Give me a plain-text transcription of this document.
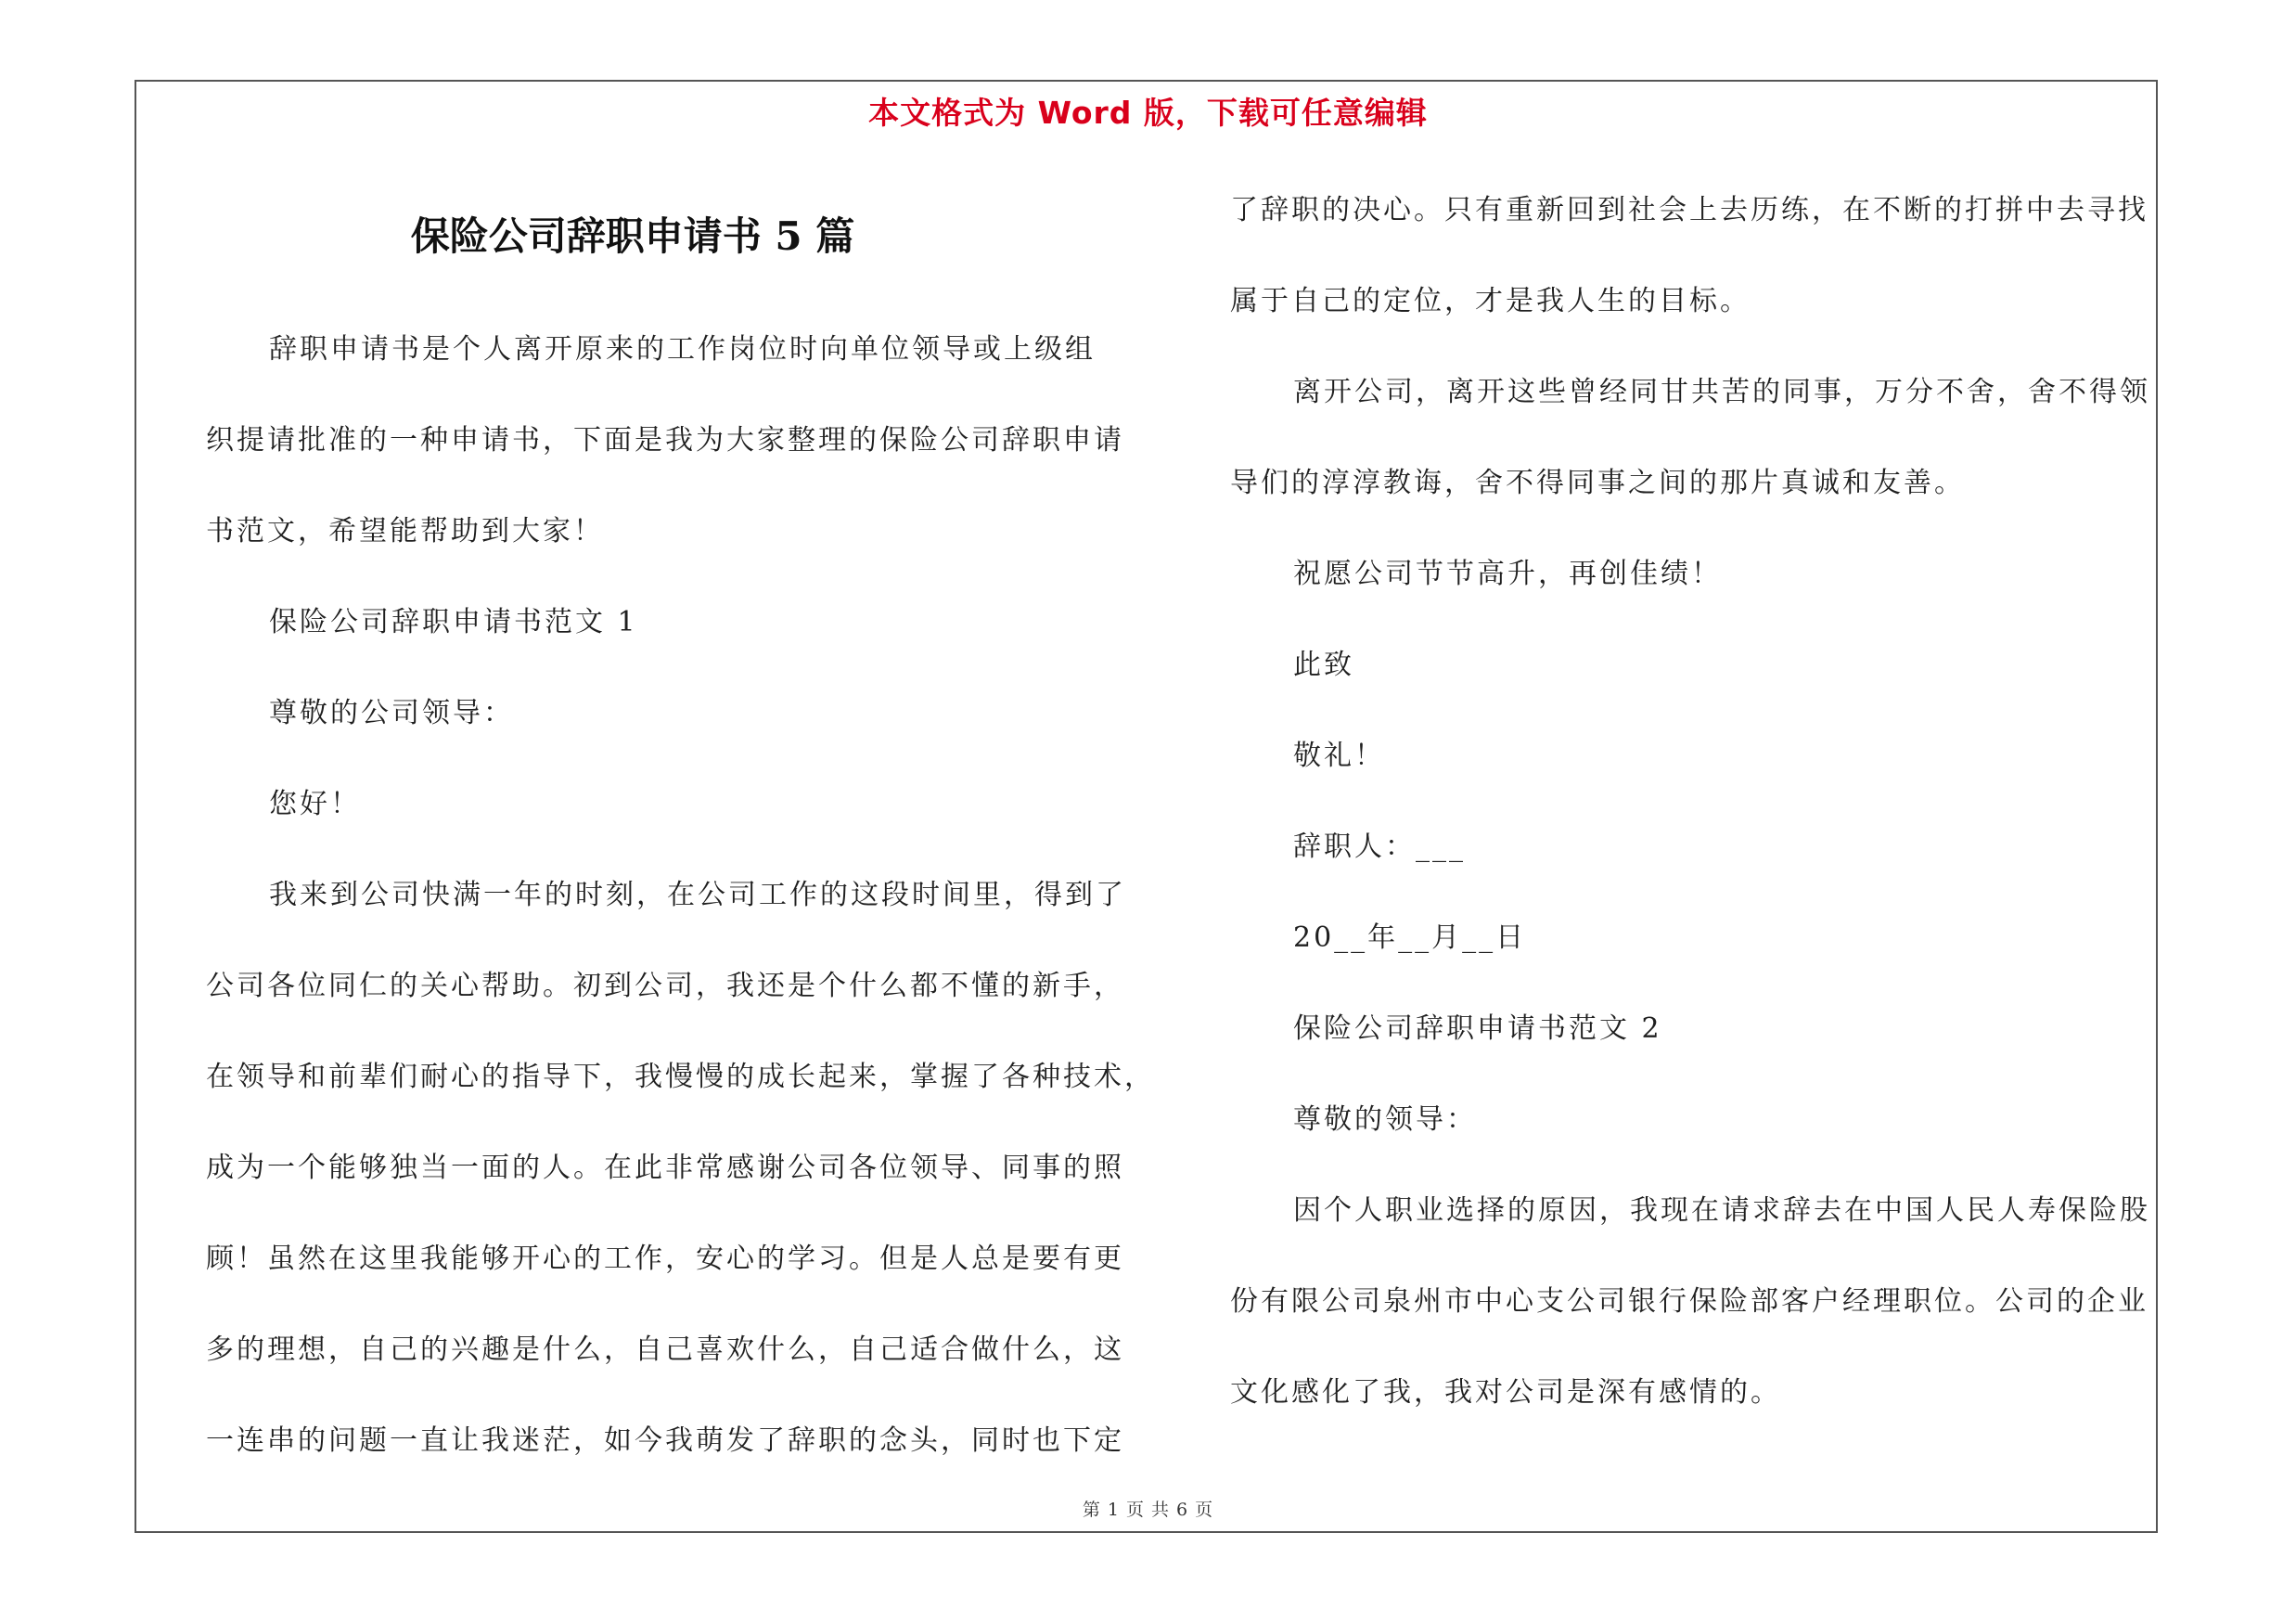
本文格式为 Word 版，下载可任意编辑
保险公司辞职申请书 5 篇
辞职申请书是个人离开原来的工作岗位时向单位领导或上级组
织提请批准的一种申请书，下面是我为大家整理的保险公司辞职申请
书范文，希望能帮助到大家！
保险公司辞职申请书范文 1
尊敬的公司领导：
您好！
我来到公司快满一年的时刻，在公司工作的这段时间里，得到了
公司各位同仁的关心帮助。初到公司，我还是个什么都不懂的新手，
在领导和前辈们耐心的指导下，我慢慢的成长起来，掌握了各种技术，
成为一个能够独当一面的人。在此非常感谢公司各位领导、同事的照
顾！虽然在这里我能够开心的工作，安心的学习。但是人总是要有更
多的理想，自己的兴趣是什么，自己喜欢什么，自己适合做什么，这
一连串的问题一直让我迷茫，如今我萌发了辞职的念头，同时也下定
了辞职的决心。只有重新回到社会上去历练，在不断的打拼中去寻找
属于自己的定位，才是我人生的目标。
离开公司，离开这些曾经同甘共苦的同事，万分不舍，舍不得领
导们的淳淳教诲，舍不得同事之间的那片真诚和友善。
祝愿公司节节高升，再创佳绩！
此致
敬礼！
辞职人：___
20__年__月__日
保险公司辞职申请书范文 2
尊敬的领导：
因个人职业选择的原因，我现在请求辞去在中国人民人寿保险股
份有限公司泉州市中心支公司银行保险部客户经理职位。公司的企业
文化感化了我，我对公司是深有感情的。
第 1 页 共 6 页
